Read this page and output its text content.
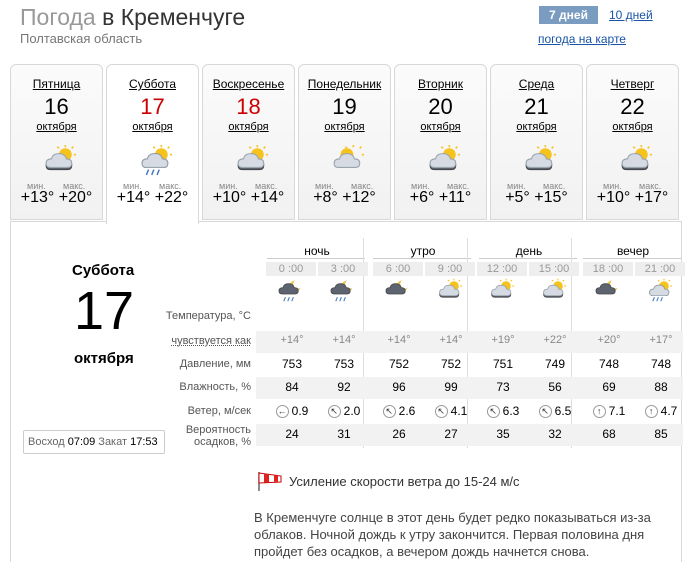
Погода в Кременчуге
Полтавская область
7 дней	10 дней
погода на карте
Пятница
16
октября
мин. макс.
+13° +20°
Суббота
17
октября
мин. макс.
+14° +22°
Воскресенье
18
октября
мин. макс.
+10° +14°
Понедельник
19
октября
мин. макс.
+8° +12°
Вторник
20
октября
мин. макс.
+6° +11°
Среда
21
октября
мин. макс.
+5° +15°
Четверг
22
октября
мин. макс.
+10° +17°
Суббота
17
октября
Восход 07:09 Закат 17:53
ночь	утро	день	вечер
0 :00	3 :00	6 :00	9 :00	12 :00	15 :00	18 :00	21 :00
Температура, °C
чувствуется как	+14°	+14°	+14°	+14°	+19°	+22°	+20°	+17°
Давление, мм	753	753	752	752	751	749	748	748
Влажность, %	84	92	96	99	73	56	69	88
Ветер, м/сек	← 0.9	↖ 2.0	↖ 2.6	↖ 4.1	↖ 6.3	↖ 6.5	↑ 7.1	↑ 4.7
Вероятность
осадков, %
24	31	26	27	35	32	68	85
Усиление скорости ветра до 15-24 м/с
В Кременчуге солнце в этот день будет редко показываться из-за облаков. Ночной дождь к утру закончится. Первая половина дня пройдет без осадков, а вечером дождь начнется снова.
